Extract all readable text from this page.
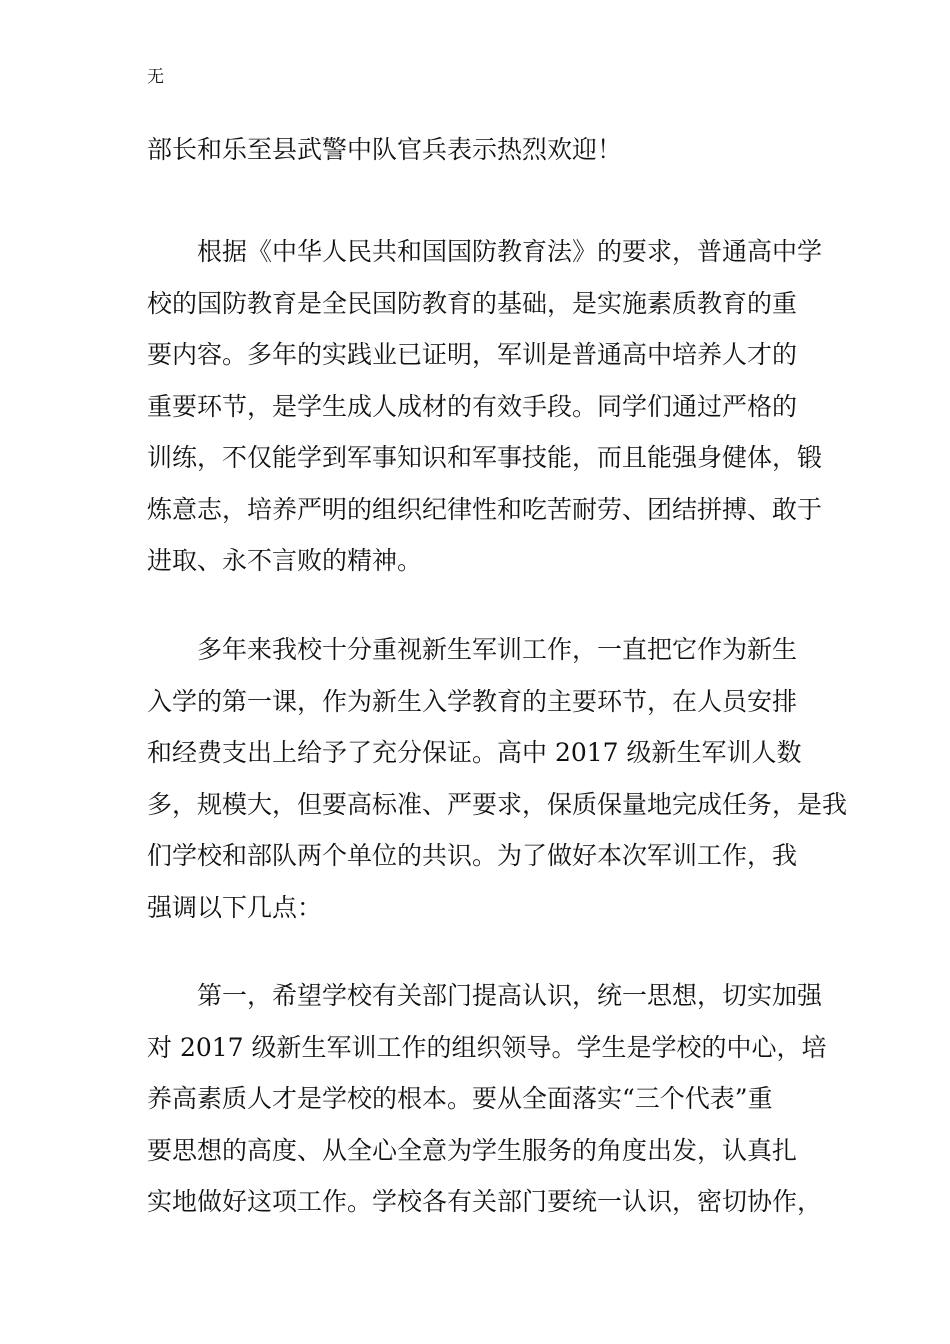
无
部长和乐至县武警中队官兵表示热烈欢迎！
根据《中华人民共和国国防教育法》的要求，普通高中学
校的国防教育是全民国防教育的基础，是实施素质教育的重
要内容。多年的实践业已证明，军训是普通高中培养人才的
重要环节，是学生成人成材的有效手段。同学们通过严格的
训练，不仅能学到军事知识和军事技能，而且能强身健体，锻
炼意志，培养严明的组织纪律性和吃苦耐劳、团结拼搏、敢于
进取、永不言败的精神。
多年来我校十分重视新生军训工作，一直把它作为新生
入学的第一课，作为新生入学教育的主要环节，在人员安排
和经费支出上给予了充分保证。高中 2017 级新生军训人数
多，规模大，但要高标准、严要求，保质保量地完成任务，是我
们学校和部队两个单位的共识。为了做好本次军训工作，我
强调以下几点：
第一，希望学校有关部门提高认识，统一思想，切实加强
对 2017 级新生军训工作的组织领导。学生是学校的中心，培
养高素质人才是学校的根本。要从全面落实“三个代表”重
要思想的高度、从全心全意为学生服务的角度出发，认真扎
实地做好这项工作。学校各有关部门要统一认识，密切协作，
